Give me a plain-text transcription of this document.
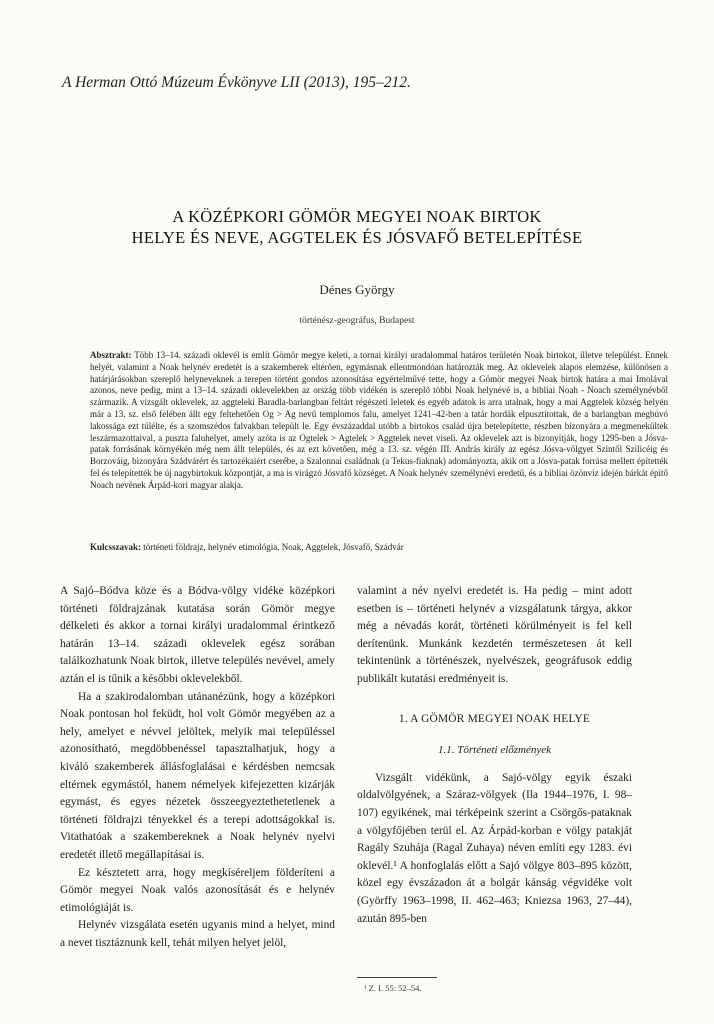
A Herman Ottó Múzeum Évkönyve LII (2013), 195–212.
A KÖZÉPKORI GÖMÖR MEGYEI NOAK BIRTOK
HELYE ÉS NEVE, AGGTELEK ÉS JÓSVAFŐ BETELEPÍTÉSE
Dénes György
történész-geográfus, Budapest
Absztrakt: Több 13–14. századi oklevél is említ Gömör megye keleti, a tornai királyi uradalommal határos területén Noak birtokot, illetve települést. Ennek helyét, valamint a Noak helynév eredetét is a szakemberek eltérően, egymásnak ellentmondóan határozták meg. Az oklevelek alapos elemzése, különösen a határjárásokban szereplő helyneveknek a terepen történt gondos azonosítása egyértelművé tette, hogy a Gömör megyei Noak birtok határa a mai Imolával azonos, neve pedig, mint a 13–14. századi oklevelekben az ország több vidékén is szereplő többi Noak helynévé is, a bibliai Noah - Noach személynévből származik. A vizsgált oklevelek, az aggteleki Baradla-barlangban feltárt régészeti leletek és egyéb adatok is arra utalnak, hogy a mai Aggtelek község helyén már a 13. sz. első felében állt egy feltehetően Og > Ag nevű templomos falu, amelyet 1241–42-ben a tatár hordák elpusztítottak, de a barlangban megbúvó lakossága ezt túlélte, és a szomszédos falvakban települt le. Egy évszázaddal utóbb a birtokos család újra betelepítette, részben bizonyára a megmenekültek leszármazottaival, a puszta faluhelyet, amely azóta is az Ogtelek > Agtelek > Aggtelek nevet viseli. Az oklevelek azt is bizonyítják, hogy 1295-ben a Jósva-patak forrásának környékén még nem állt település, és az ezt követően, még a 13. sz. végén III. András király az egész Jósva-völgyet Szintől Szilicéig és Borzováig, bizonyára Szádvárért és tartozékaiért cserébe, a Szalonnai családnak (a Tekus-fiaknak) adományozta, akik ott a Jósva-patak forrása mellett építették fel és telepítették be új nagybirtokuk központját, a ma is virágzó Jósvafő községet. A Noak helynév személynévi eredetű, és a bibliai özönvíz idején bárkát építő Noach nevének Árpád-kori magyar alakja.
Kulcsszavak: történeti földrajz, helynév etimológia, Noak, Aggtelek, Jósvafő, Szádvár

A Sajó–Bódva köze és a Bódva-völgy vidéke középkori történeti földrajzának kutatása során Gömör megye délkeleti és akkor a tornai királyi uradalommal érintkező határán 13–14. századi oklevelek egész sorában találkozhatunk Noak birtok, illetve település nevével, amely aztán el is tűnik a későbbi oklevelekből.

Ha a szakirodalomban utánanézünk, hogy a középkori Noak pontosan hol feküdt, hol volt Gömör megyében az a hely, amelyet e névvel jelöltek, melyik mai településsel azonosítható, megdöbbenéssel tapasztalhatjuk, hogy a kiváló szakemberek állásfoglalásai e kérdésben nemcsak eltérnek egymástól, hanem némelyek kifejezetten kizárják egymást, és egyes nézetek összeegyeztethetetlenek a történeti földrajzi tényekkel és a terepi adottságokkal is. Vitathatóak a szakembereknek a Noak helynév nyelvi eredetét illető megállapításai is.

Ez késztetett arra, hogy megkíséreljem földeríteni a Gömör megyei Noak valós azonosítását és e helynév etimológiáját is.

Helynév vizsgálata esetén ugyanis mind a helyet, mind a nevet tisztáznunk kell, tehát milyen helyet jelöl,

valamint a név nyelvi eredetét is. Ha pedig – mint adott esetben is – történeti helynév a vizsgálatunk tárgya, akkor még a névadás korát, történeti körülményeit is fel kell derítenünk. Munkánk kezdetén természetesen át kell tekintenünk a történészek, nyelvészek, geográfusok eddig publikált kutatási eredményeit is.

1. A GÖMÖR MEGYEI NOAK HELYE
1.1. Történeti előzmények

Vizsgált vidékünk, a Sajó-völgy egyik északi oldalvölgyének, a Száraz-völgyek (Ila 1944–1976, I. 98–107) egyikének, mai térképeink szerint a Csörgős-pataknak a völgyfőjében terül el. Az Árpád-korban e völgy patakját Ragály Szuhája (Ragal Zuhaya) néven említi egy 1283. évi oklevél.¹ A honfoglalás előtt a Sajó völgye 803–895 között, közel egy évszázadon át a bolgár kánság végvidéke volt (Györffy 1963–1998, II. 462–463; Kniezsa 1963, 27–44), azután 895-ben

¹ Z. I. 55: 52–54.
